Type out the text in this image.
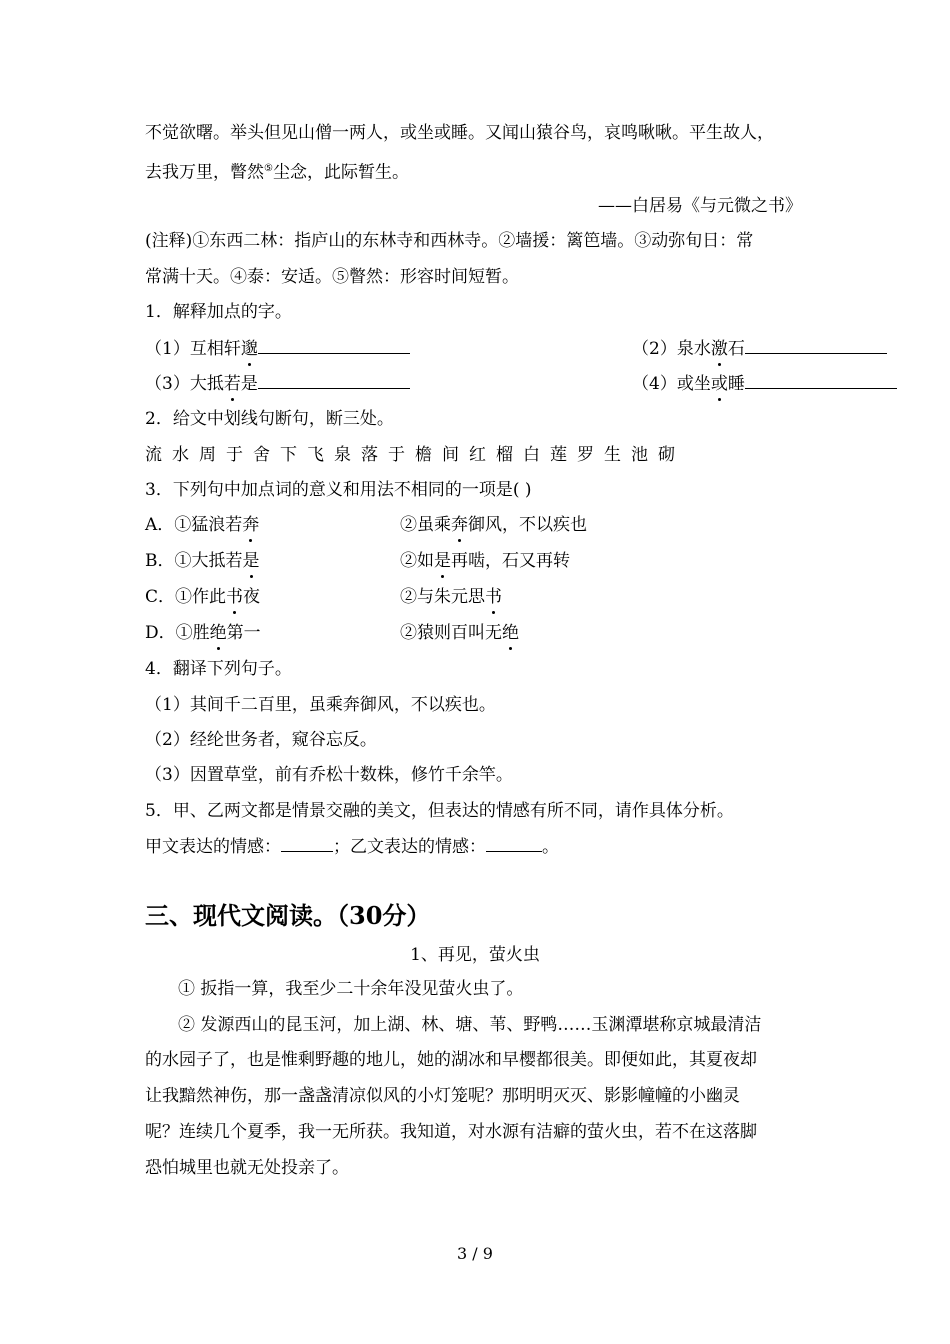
不觉欲曙。举头但见山僧一两人，或坐或睡。又闻山猿谷鸟，哀鸣啾啾。平生故人，
去我万里，瞥然⑤尘念，此际暂生。
——白居易《与元微之书》
(注释)①东西二林：指庐山的东林寺和西林寺。②墙援：篱笆墙。③动弥旬日：常
常满十天。④泰：安适。⑤瞥然：形容时间短暂。
1．解释加点的字。
（1）互相轩邈	（2）泉水激石
（3）大抵若是	（4）或坐或睡
2．给文中划线句断句，断三处。
流水周于舍下飞泉落于檐间红榴白莲罗生池砌
3．下列句中加点词的意义和用法不相同的一项是( )
A．①猛浪若奔	②虽乘奔御风，不以疾也
B．①大抵若是	②如是再啮，石又再转
C．①作此书夜	②与朱元思书
D．①胜绝第一	②猿则百叫无绝
4．翻译下列句子。
（1）其间千二百里，虽乘奔御风，不以疾也。
（2）经纶世务者，窥谷忘反。
（3）因置草堂，前有乔松十数株，修竹千余竿。
5．甲、乙两文都是情景交融的美文，但表达的情感有所不同，请作具体分析。
甲文表达的情感：	；乙文表达的情感：	。
三、现代文阅读。（30分）
1、再见，萤火虫
① 扳指一算，我至少二十余年没见萤火虫了。
② 发源西山的昆玉河，加上湖、林、塘、苇、野鸭……玉渊潭堪称京城最清洁
的水园子了，也是惟剩野趣的地儿，她的湖冰和早樱都很美。即便如此，其夏夜却
让我黯然神伤，那一盏盏清凉似风的小灯笼呢？那明明灭灭、影影幢幢的小幽灵
呢？连续几个夏季，我一无所获。我知道，对水源有洁癖的萤火虫，若不在这落脚
恐怕城里也就无处投亲了。
3 / 9
